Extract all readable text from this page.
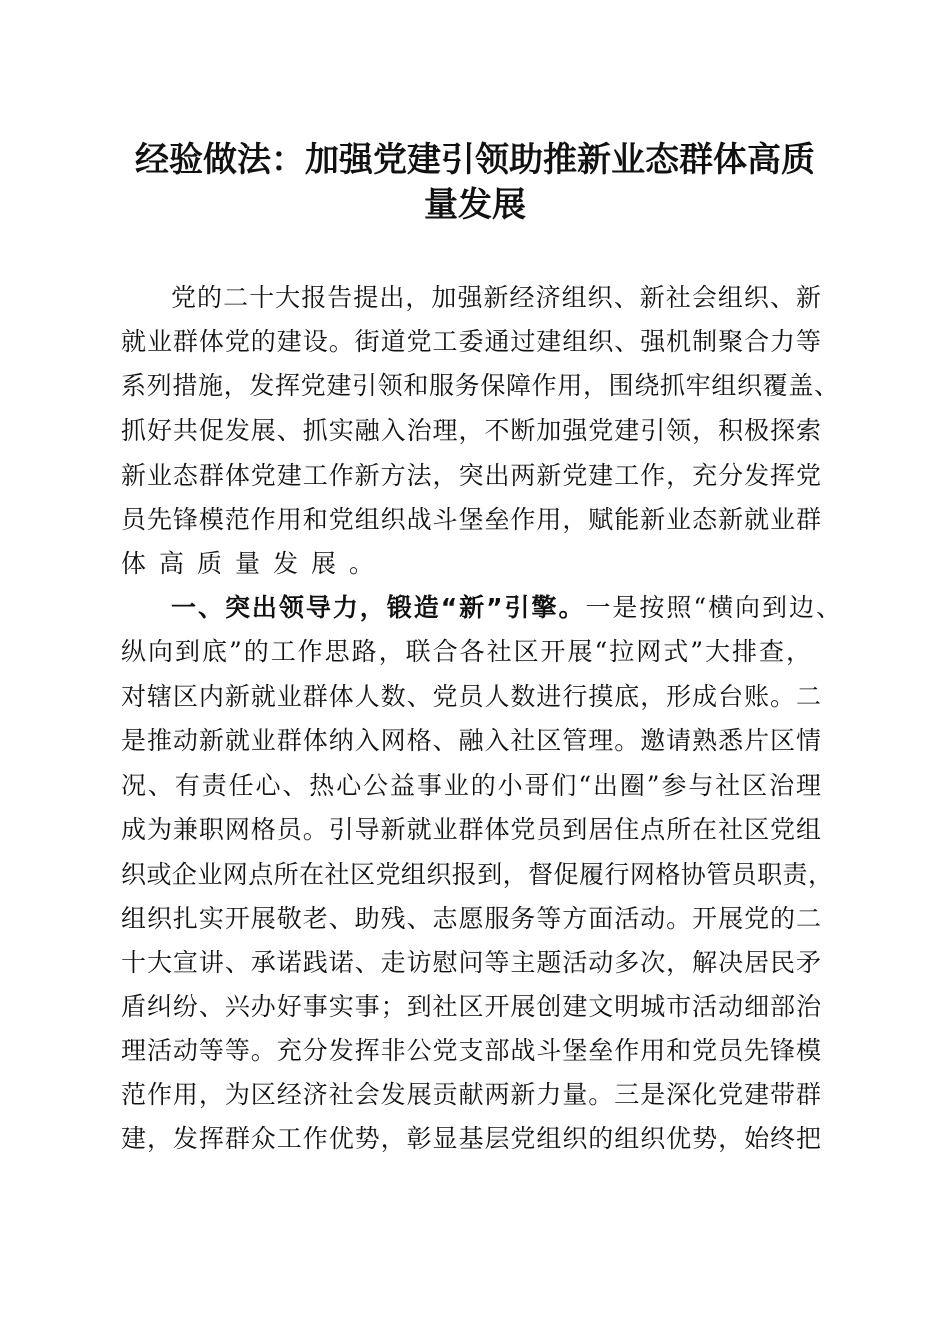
经验做法：加强党建引领助推新业态群体高质
量发展
党的二十大报告提出，加强新经济组织、新社会组织、新
就业群体党的建设。街道党工委通过建组织、强机制聚合力等
系列措施，发挥党建引领和服务保障作用，围绕抓牢组织覆盖、
抓好共促发展、抓实融入治理，不断加强党建引领，积极探索
新业态群体党建工作新方法，突出两新党建工作，充分发挥党
员先锋模范作用和党组织战斗堡垒作用，赋能新业态新就业群
体高质量发展。
一、突出领导力，锻造“新”引擎。一是按照“横向到边、
纵向到底”的工作思路，联合各社区开展“拉网式”大排查，
对辖区内新就业群体人数、党员人数进行摸底，形成台账。二
是推动新就业群体纳入网格、融入社区管理。邀请熟悉片区情
况、有责任心、热心公益事业的小哥们“出圈”参与社区治理
成为兼职网格员。引导新就业群体党员到居住点所在社区党组
织或企业网点所在社区党组织报到，督促履行网格协管员职责，
组织扎实开展敬老、助残、志愿服务等方面活动。开展党的二
十大宣讲、承诺践诺、走访慰问等主题活动多次，解决居民矛
盾纠纷、兴办好事实事；到社区开展创建文明城市活动细部治
理活动等等。充分发挥非公党支部战斗堡垒作用和党员先锋模
范作用，为区经济社会发展贡献两新力量。三是深化党建带群
建，发挥群众工作优势，彰显基层党组织的组织优势，始终把
